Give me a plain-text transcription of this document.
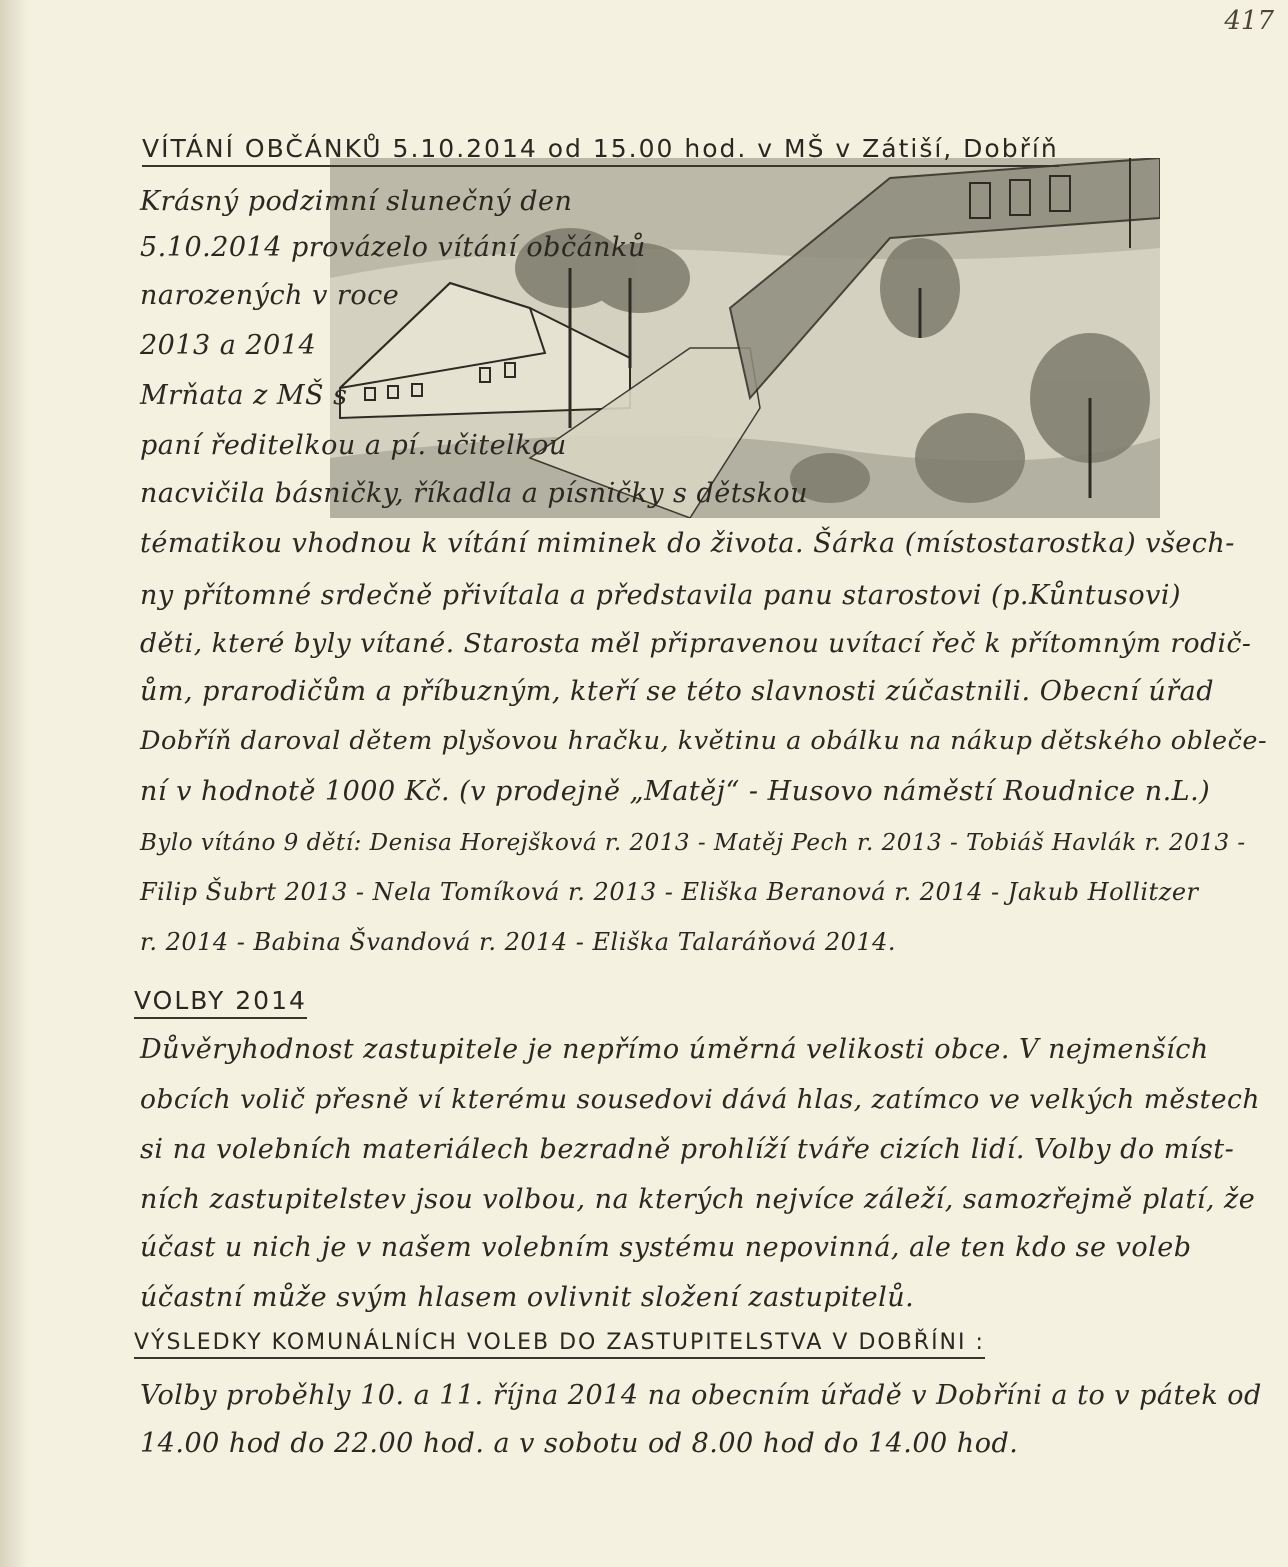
417
VÍTÁNÍ OBČÁNKŮ 5.10.2014 od 15.00 hod. v MŠ v Zátiší, Dobříň
Krásný podzimní slunečný den
5.10.2014 provázelo vítání občánků
narozených v roce
2013 a 2014
Mrňata z MŠ s
paní ředitelkou a pí. učitelkou
nacvičila básničky, říkadla a písničky s dětskou
tématikou vhodnou k vítání miminek do života. Šárka (místostarostka) všech-
ny přítomné srdečně přivítala a představila panu starostovi (p.Kůntusovi)
děti, které byly vítané. Starosta měl připravenou uvítací řeč k přítomným rodič-
ům, prarodičům a příbuzným, kteří se této slavnosti zúčastnili. Obecní úřad
Dobříň daroval dětem plyšovou hračku, květinu a obálku na nákup dětského obleče-
ní v hodnotě 1000 Kč. (v prodejně „Matěj“ - Husovo náměstí Roudnice n.L.)
Bylo vítáno 9 dětí: Denisa Horejšková r. 2013 - Matěj Pech r. 2013 - Tobiáš Havlák r. 2013 -
Filip Šubrt 2013 - Nela Tomíková r. 2013 - Eliška Beranová r. 2014 - Jakub Hollitzer
r. 2014 - Babina Švandová r. 2014 - Eliška Talaráňová 2014.
VOLBY 2014
Důvěryhodnost zastupitele je nepřímo úměrná velikosti obce. V nejmenších
obcích volič přesně ví kterému sousedovi dává hlas, zatímco ve velkých městech
si na volebních materiálech bezradně prohlíží tváře cizích lidí. Volby do míst-
ních zastupitelstev jsou volbou, na kterých nejvíce záleží, samozřejmě platí, že
účast u nich je v našem volebním systému nepovinná, ale ten kdo se voleb
účastní může svým hlasem ovlivnit složení zastupitelů.
VÝSLEDKY KOMUNÁLNÍCH VOLEB DO ZASTUPITELSTVA V DOBŘÍNI :
Volby proběhly 10. a 11. října 2014 na obecním úřadě v Dobříni a to v pátek od
14.00 hod do 22.00 hod. a v sobotu od 8.00 hod do 14.00 hod.
